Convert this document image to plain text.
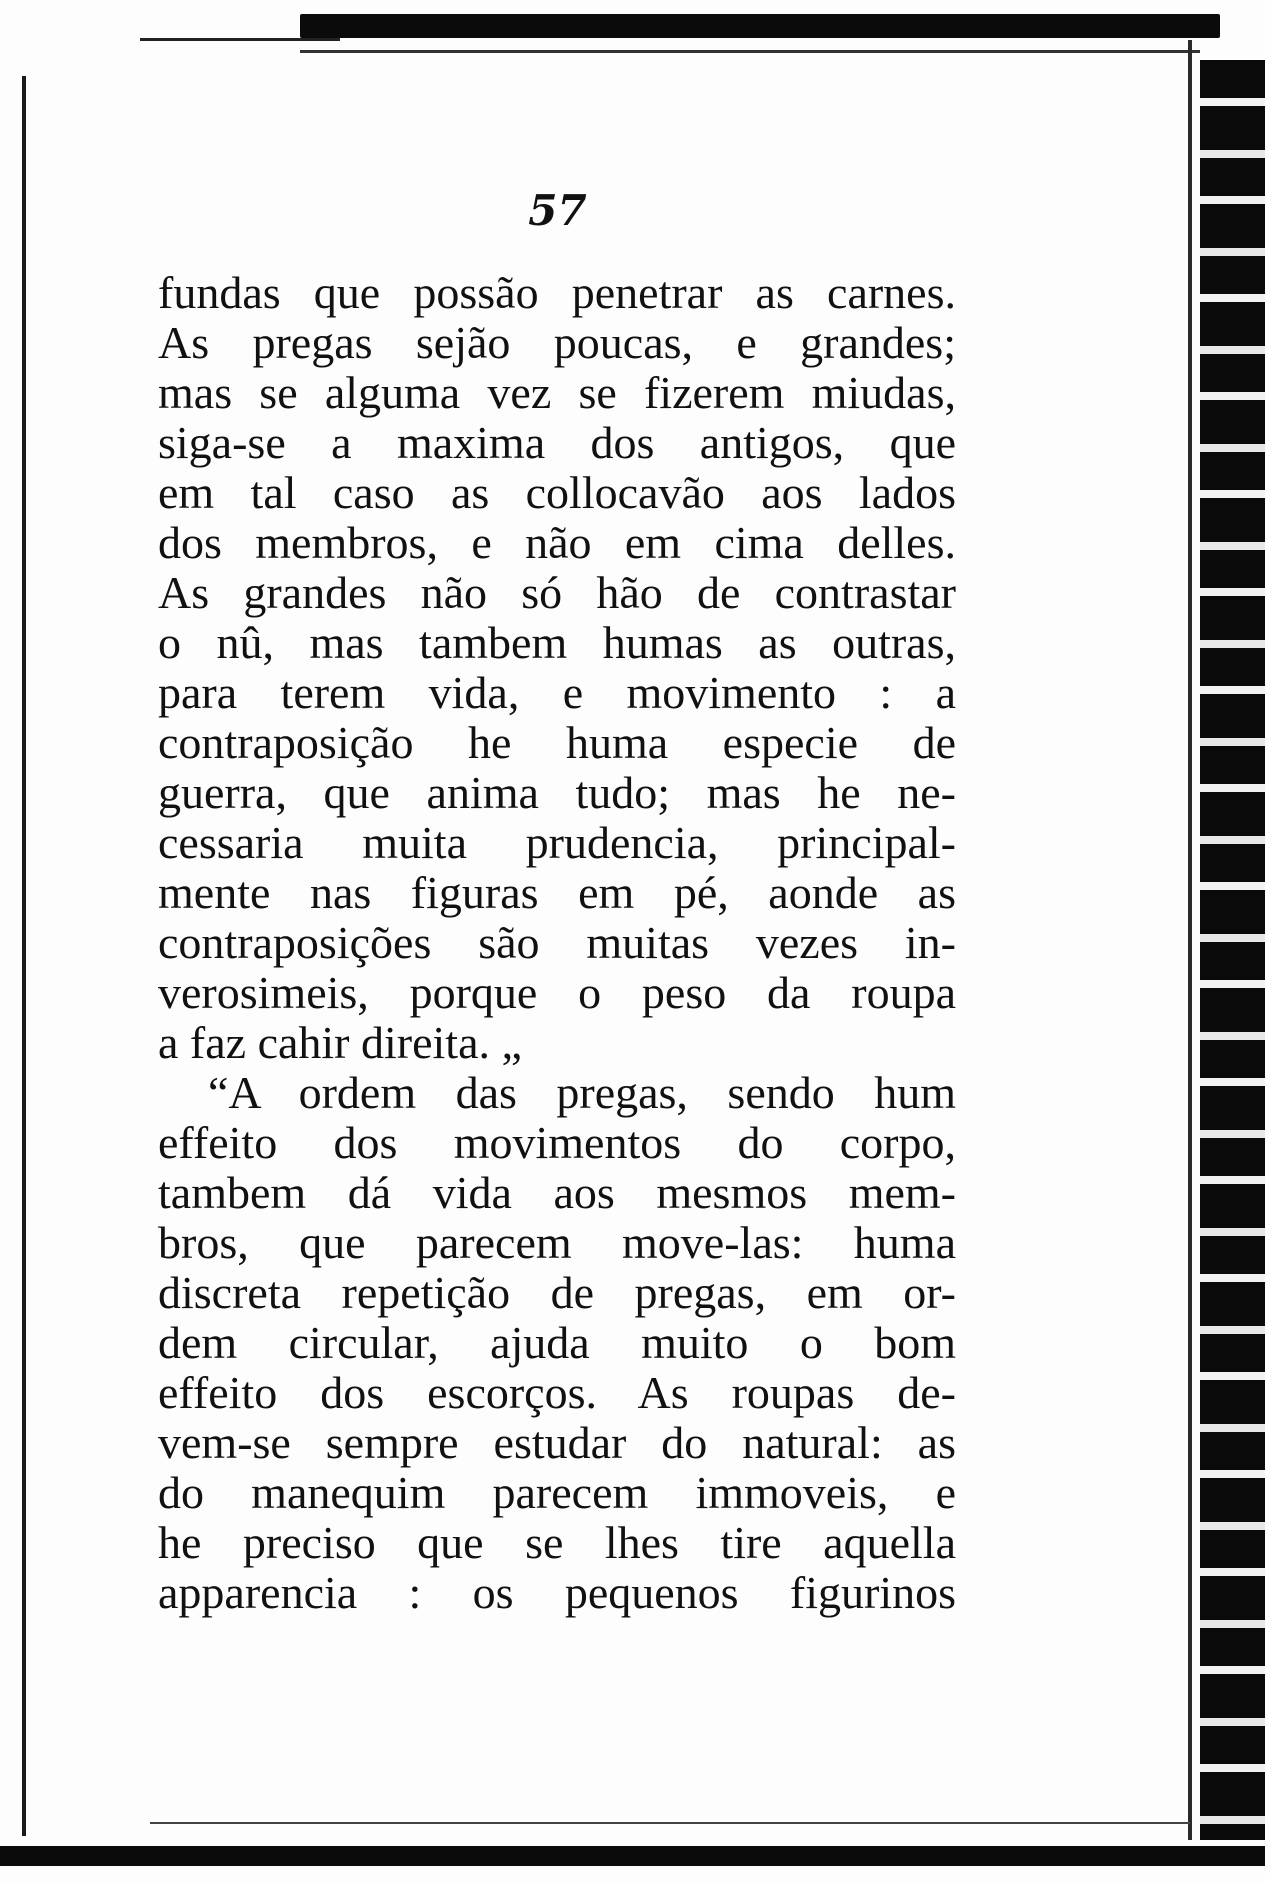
57
fundas que possão penetrar as carnes.
As pregas sejão poucas, e grandes;
mas se alguma vez se fizerem miudas,
siga-se a maxima dos antigos, que
em tal caso as collocavão aos lados
dos membros, e não em cima delles.
As grandes não só hão de contrastar
o nû, mas tambem humas as outras,
para terem vida, e movimento : a
contraposição he huma especie de
guerra, que anima tudo; mas he ne-
cessaria muita prudencia, principal-
mente nas figuras em pé, aonde as
contraposições são muitas vezes in-
verosimeis, porque o peso da roupa
a faz cahir direita. „
“A ordem das pregas, sendo hum
effeito dos movimentos do corpo,
tambem dá vida aos mesmos mem-
bros, que parecem move-las: huma
discreta repetição de pregas, em or-
dem circular, ajuda muito o bom
effeito dos escorços. As roupas de-
vem-se sempre estudar do natural: as
do manequim parecem immoveis, e
he preciso que se lhes tire aquella
apparencia : os pequenos figurinos
